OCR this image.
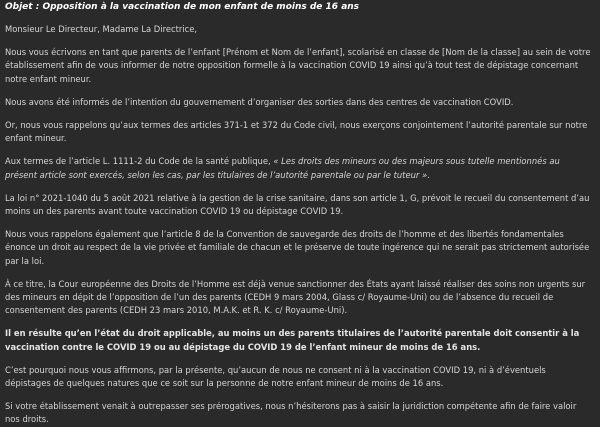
Objet : Opposition à la vaccination de mon enfant de moins de 16 ans

Monsieur Le Directeur, Madame La Directrice,

Nous vous écrivons en tant que parents de l’enfant [Prénom et Nom de l’enfant], scolarisé en classe de [Nom de la classe] au sein de votre établissement afin de vous informer de notre opposition formelle à la vaccination COVID 19 ainsi qu’à tout test de dépistage concernant notre enfant mineur.

Nous avons été informés de l’intention du gouvernement d’organiser des sorties dans des centres de vaccination COVID.

Or, nous vous rappelons qu’aux termes des articles 371-1 et 372 du Code civil, nous exerçons conjointement l’autorité parentale sur notre enfant mineur.

Aux termes de l’article L. 1111-2 du Code de la santé publique, « Les droits des mineurs ou des majeurs sous tutelle mentionnés au présent article sont exercés, selon les cas, par les titulaires de l’autorité parentale ou par le tuteur ».

La loi n° 2021-1040 du 5 août 2021 relative à la gestion de la crise sanitaire, dans son article 1, G, prévoit le recueil du consentement d’au moins un des parents avant toute vaccination COVID 19 ou dépistage COVID 19.

Nous vous rappelons également que l’article 8 de la Convention de sauvegarde des droits de l’homme et des libertés fondamentales énonce un droit au respect de la vie privée et familiale de chacun et le préserve de toute ingérence qui ne serait pas strictement autorisée par la loi.

À ce titre, la Cour européenne des Droits de l’Homme est déjà venue sanctionner des États ayant laissé réaliser des soins non urgents sur des mineurs en dépit de l’opposition de l’un des parents (CEDH 9 mars 2004, Glass c/ Royaume-Uni) ou de l’absence du recueil de consentement des parents (CEDH 23 mars 2010, M.A.K. et R. K. c/ Royaume-Uni).

Il en résulte qu’en l’état du droit applicable, au moins un des parents titulaires de l’autorité parentale doit consentir à la vaccination contre le COVID 19 ou au dépistage du COVID 19 de l’enfant mineur de moins de 16 ans.

C’est pourquoi nous vous affirmons, par la présente, qu’aucun de nous ne consent ni à la vaccination COVID 19, ni à d’éventuels dépistages de quelques natures que ce soit sur la personne de notre enfant mineur de moins de 16 ans.

Si votre établissement venait à outrepasser ses prérogatives, nous n’hésiterons pas à saisir la juridiction compétente afin de faire valoir nos droits.
